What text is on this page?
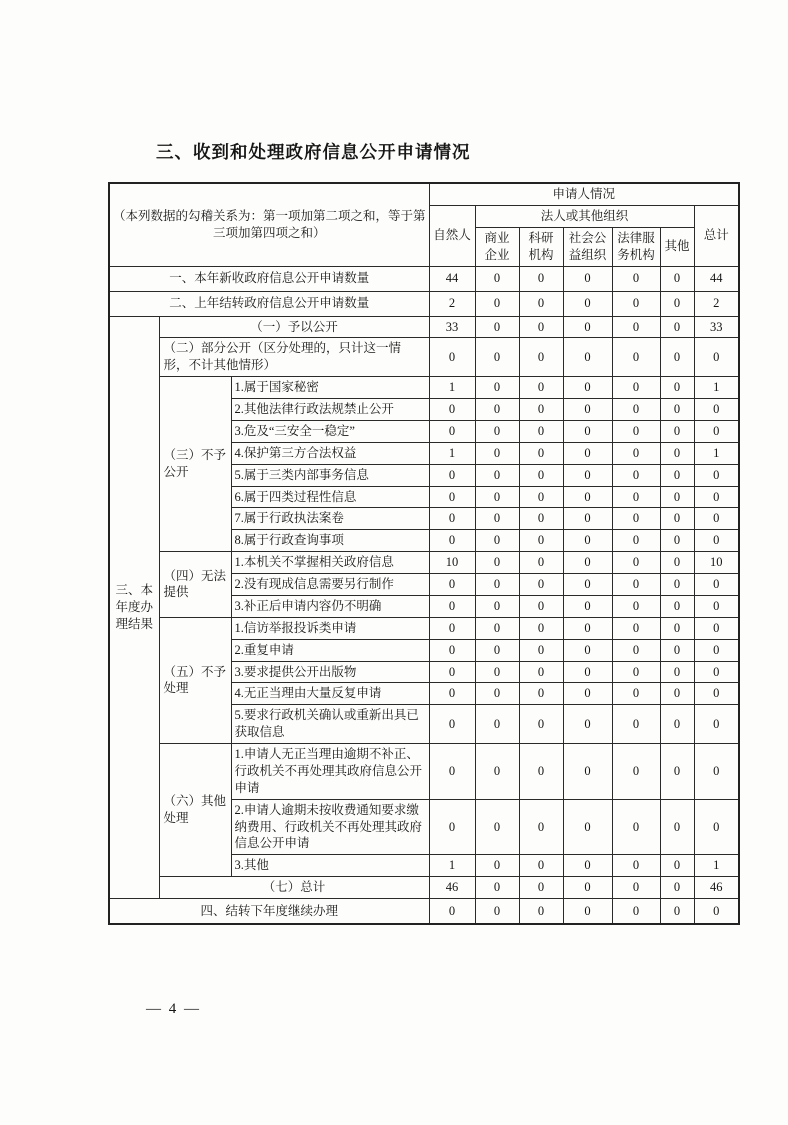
三、收到和处理政府信息公开申请情况
（本列数据的勾稽关系为：第一项加第二项之和，等于第三项加第四项之和）			申请人情况						
			自然人	法人或其他组织					总计
				商业企业	科研机构	社会公益组织	法律服务机构	其他	
一、本年新收政府信息公开申请数量			44	0	0	0	0	0	44
二、上年结转政府信息公开申请数量			2	0	0	0	0	0	2
三、本年度办理结果	（一）予以公开		33	0	0	0	0	0	33
	（二）部分公开（区分处理的，只计这一情形，不计其他情形）		0	0	0	0	0	0	0
	（三）不予公开	1.属于国家秘密	1	0	0	0	0	0	1
		2.其他法律行政法规禁止公开	0	0	0	0	0	0	0
		3.危及“三安全一稳定”	0	0	0	0	0	0	0
		4.保护第三方合法权益	1	0	0	0	0	0	1
		5.属于三类内部事务信息	0	0	0	0	0	0	0
		6.属于四类过程性信息	0	0	0	0	0	0	0
		7.属于行政执法案卷	0	0	0	0	0	0	0
		8.属于行政查询事项	0	0	0	0	0	0	0
	（四）无法提供	1.本机关不掌握相关政府信息	10	0	0	0	0	0	10
		2.没有现成信息需要另行制作	0	0	0	0	0	0	0
		3.补正后申请内容仍不明确	0	0	0	0	0	0	0
	（五）不予处理	1.信访举报投诉类申请	0	0	0	0	0	0	0
		2.重复申请	0	0	0	0	0	0	0
		3.要求提供公开出版物	0	0	0	0	0	0	0
		4.无正当理由大量反复申请	0	0	0	0	0	0	0
		5.要求行政机关确认或重新出具已获取信息	0	0	0	0	0	0	0
	（六）其他处理	1.申请人无正当理由逾期不补正、行政机关不再处理其政府信息公开申请	0	0	0	0	0	0	0
		2.申请人逾期未按收费通知要求缴纳费用、行政机关不再处理其政府信息公开申请	0	0	0	0	0	0	0
		3.其他	1	0	0	0	0	0	1
	（七）总计		46	0	0	0	0	0	46
四、结转下年度继续办理			0	0	0	0	0	0	0
— 4 —
